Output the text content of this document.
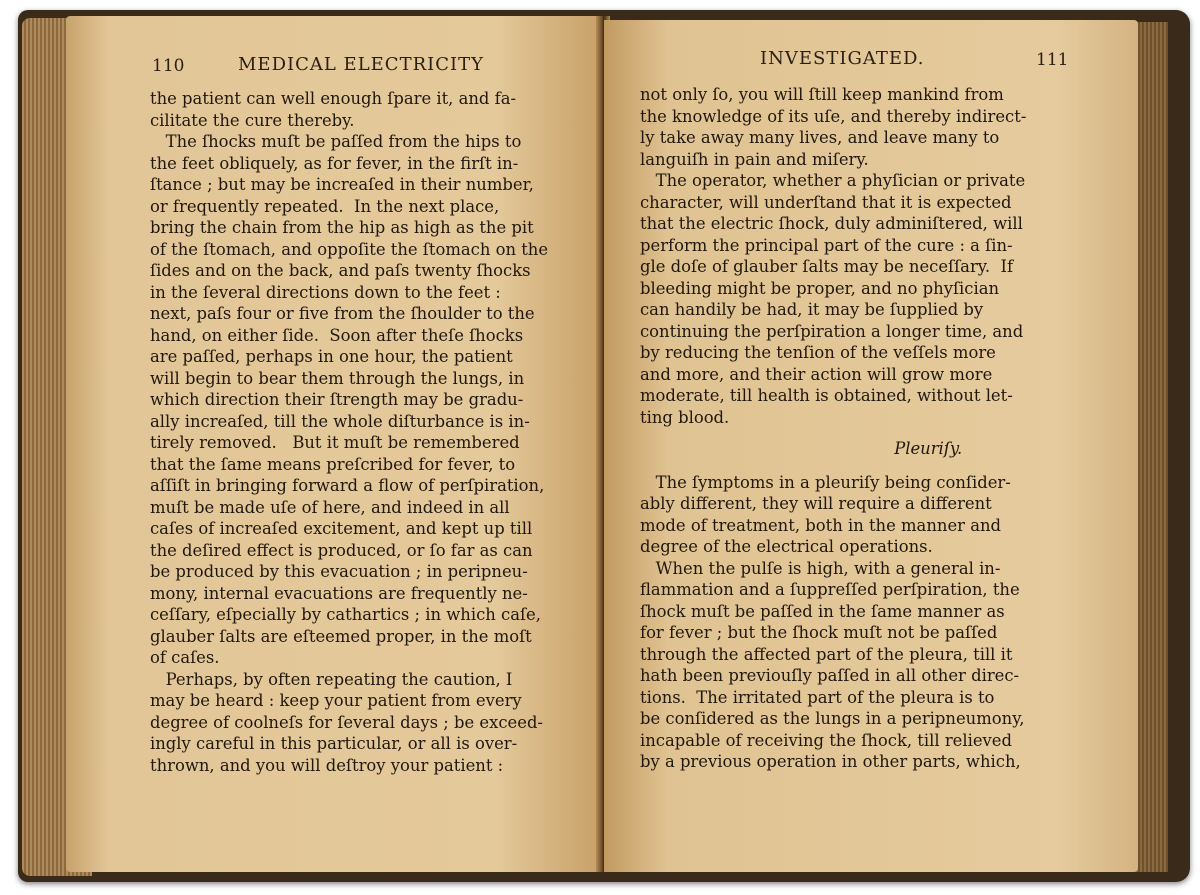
110	MEDICAL ELECTRICITY
the patient can well enough ſpare it, and fa-
cilitate the cure thereby.
The ſhocks muſt be paſſed from the hips to
the feet obliquely, as for fever, in the firſt in-
ſtance ; but may be increaſed in their number,
or frequently repeated.  In the next place,
bring the chain from the hip as high as the pit
of the ſtomach, and oppoſite the ſtomach on the
ſides and on the back, and paſs twenty ſhocks
in the ſeveral directions down to the feet :
next, paſs four or five from the ſhoulder to the
hand, on either ſide.  Soon after theſe ſhocks
are paſſed, perhaps in one hour, the patient
will begin to bear them through the lungs, in
which direction their ſtrength may be gradu-
ally increaſed, till the whole diſturbance is in-
tirely removed.   But it muſt be remembered
that the ſame means preſcribed for fever, to
aſſiſt in bringing forward a flow of perſpiration,
muſt be made uſe of here, and indeed in all
caſes of increaſed excitement, and kept up till
the deſired effect is produced, or ſo far as can
be produced by this evacuation ; in peripneu-
mony, internal evacuations are frequently ne-
ceſſary, eſpecially by cathartics ; in which caſe,
glauber ſalts are eſteemed proper, in the moſt
of caſes.
Perhaps, by often repeating the caution, I
may be heard : keep your patient from every
degree of coolneſs for ſeveral days ; be exceed-
ingly careful in this particular, or all is over-
thrown, and you will deſtroy your patient :
INVESTIGATED.	111
not only ſo, you will ſtill keep mankind from
the knowledge of its uſe, and thereby indirect-
ly take away many lives, and leave many to
languiſh in pain and miſery.
The operator, whether a phyſician or private
character, will underſtand that it is expected
that the electric ſhock, duly adminiſtered, will
perform the principal part of the cure : a ſin-
gle doſe of glauber ſalts may be neceſſary.  If
bleeding might be proper, and no phyſician
can handily be had, it may be ſupplied by
continuing the perſpiration a longer time, and
by reducing the tenſion of the veſſels more
and more, and their action will grow more
moderate, till health is obtained, without let-
ting blood.
Pleuriſy.
The ſymptoms in a pleuriſy being conſider-
ably different, they will require a different
mode of treatment, both in the manner and
degree of the electrical operations.
When the pulſe is high, with a general in-
flammation and a ſuppreſſed perſpiration, the
ſhock muſt be paſſed in the ſame manner as
for fever ; but the ſhock muſt not be paſſed
through the affected part of the pleura, till it
hath been previouſly paſſed in all other direc-
tions.  The irritated part of the pleura is to
be conſidered as the lungs in a peripneumony,
incapable of receiving the ſhock, till relieved
by a previous operation in other parts, which,
